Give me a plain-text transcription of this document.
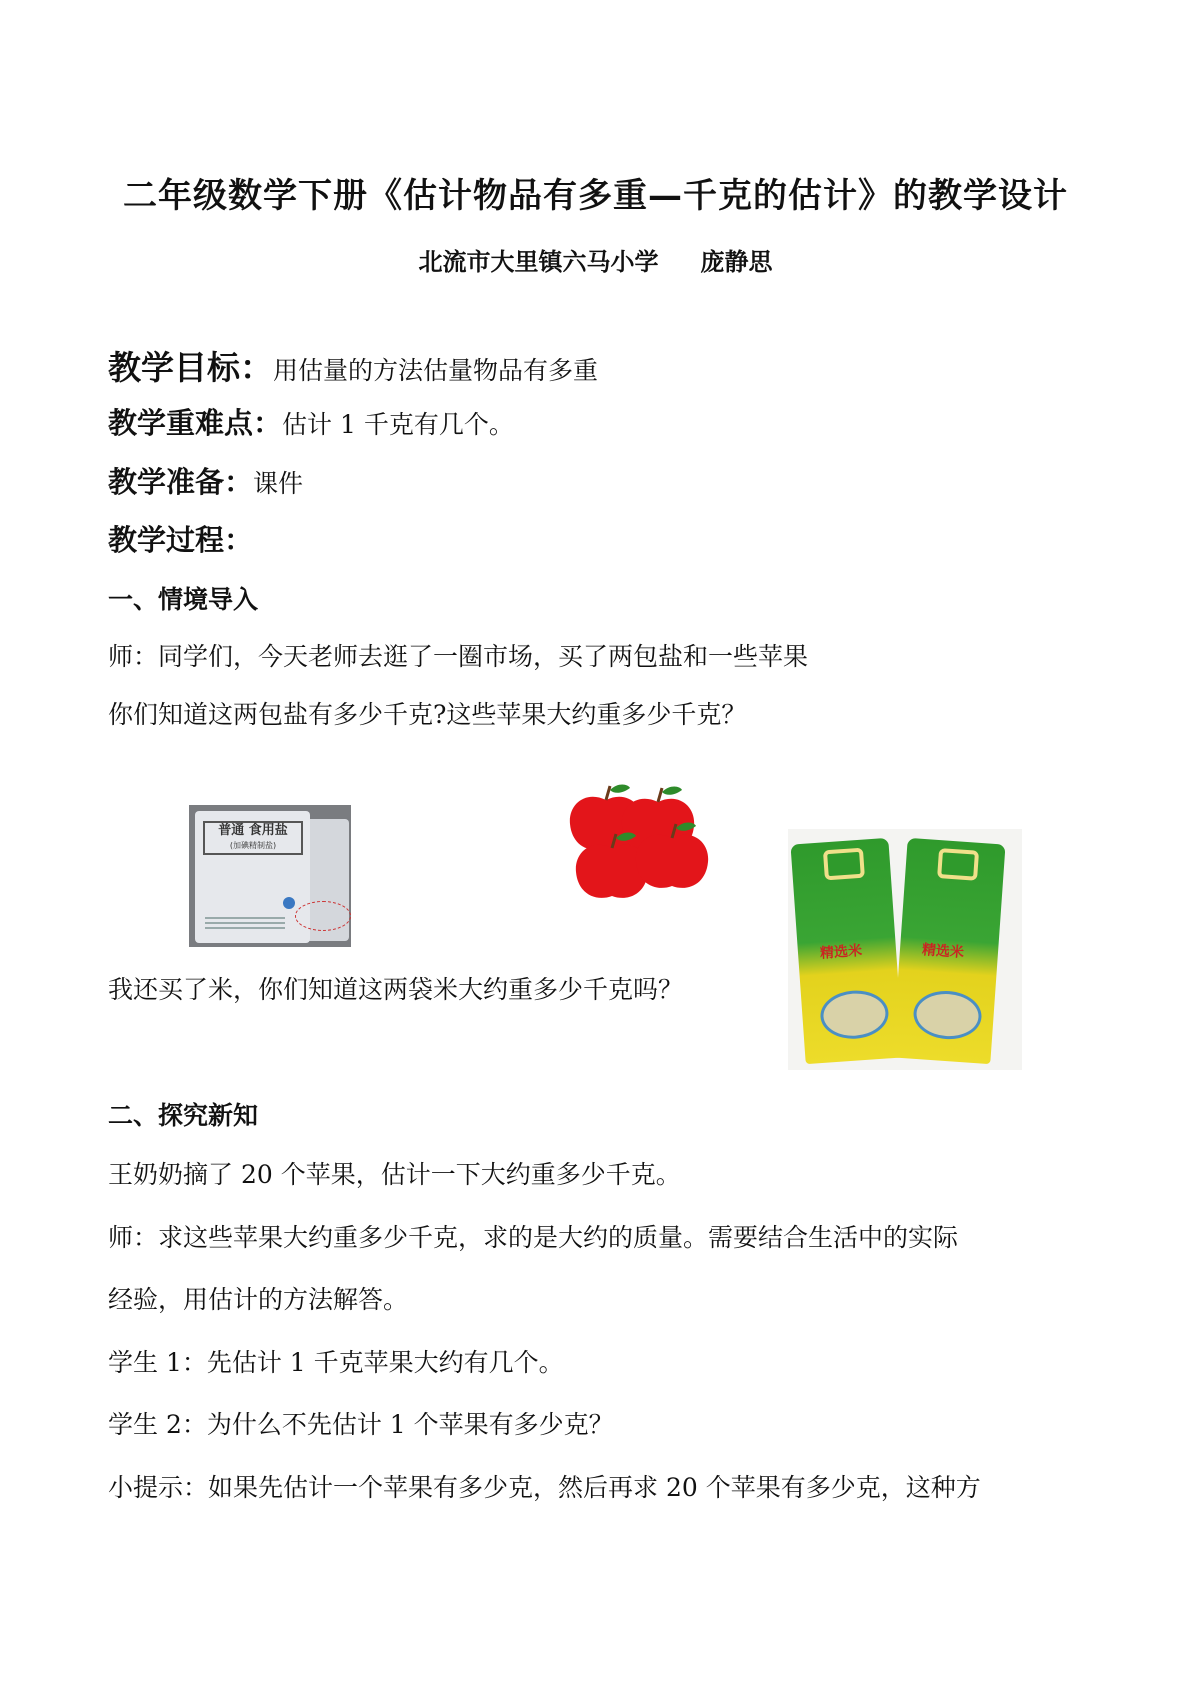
二年级数学下册《估计物品有多重—千克的估计》的教学设计
北流市大里镇六马小学 庞静思
教学目标：用估量的方法估量物品有多重
教学重难点：估计 1 千克有几个。
教学准备：课件
教学过程：
一、情境导入
师：同学们，今天老师去逛了一圈市场，买了两包盐和一些苹果
你们知道这两包盐有多少千克?这些苹果大约重多少千克？
普通 食用盐
(加碘精制盐)
精选米	精选米
我还买了米，你们知道这两袋米大约重多少千克吗？
二、探究新知
王奶奶摘了 20 个苹果，估计一下大约重多少千克。
师：求这些苹果大约重多少千克，求的是大约的质量。需要结合生活中的实际
经验，用估计的方法解答。
学生 1：先估计 1 千克苹果大约有几个。
学生 2：为什么不先估计 1 个苹果有多少克？
小提示：如果先估计一个苹果有多少克，然后再求 20 个苹果有多少克，这种方
